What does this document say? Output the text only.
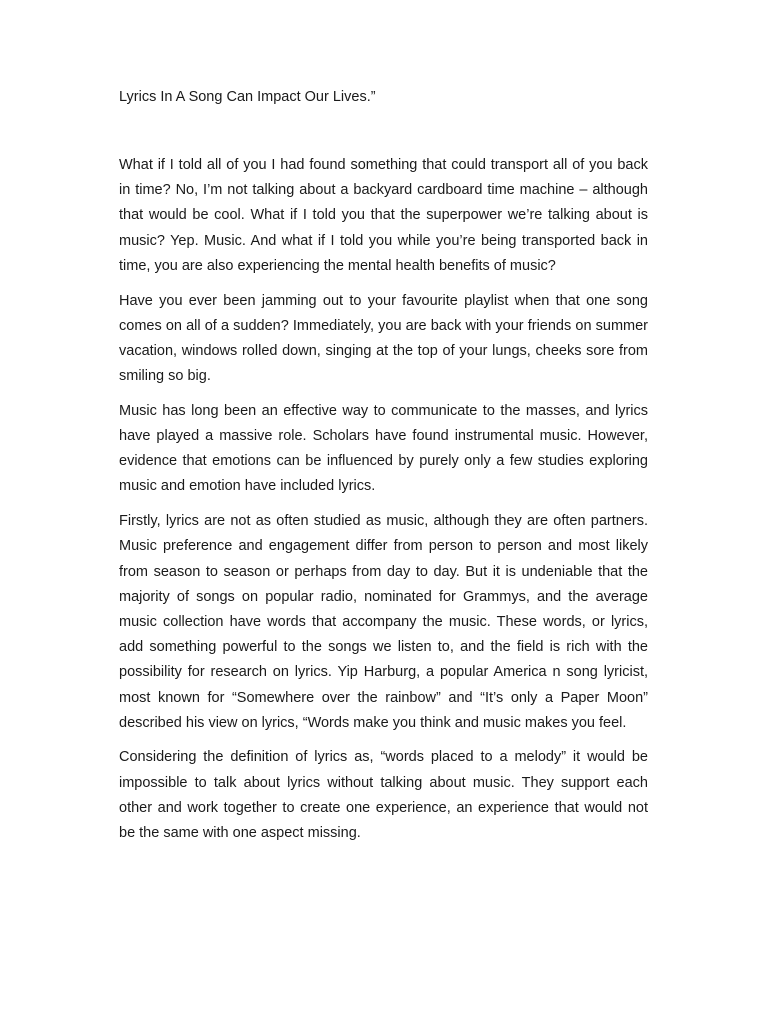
Lyrics In A Song Can Impact Our Lives.”

What if I told all of you I had found something that could transport all of you back in time? No, I’m not talking about a backyard cardboard time machine – although that would be cool. What if I told you that the superpower we’re talking about is music? Yep. Music. And what if I told you while you’re being transported back in time, you are also experiencing the mental health benefits of music?

Have you ever been jamming out to your favourite playlist when that one song comes on all of a sudden? Immediately, you are back with your friends on summer vacation, windows rolled down, singing at the top of your lungs, cheeks sore from smiling so big.

Music has long been an effective way to communicate to the masses, and lyrics have played a massive role. Scholars have found instrumental music. However, evidence that emotions can be influenced by purely only a few studies exploring music and emotion have included lyrics.

Firstly, lyrics are not as often studied as music, although they are often partners. Music preference and engagement differ from person to person and most likely from season to season or perhaps from day to day. But it is undeniable that the majority of songs on popular radio, nominated for Grammys, and the average music collection have words that accompany the music. These words, or lyrics, add something powerful to the songs we listen to, and the field is rich with the possibility for research on lyrics. Yip Harburg, a popular America n song lyricist, most known for “Somewhere over the rainbow” and “It’s only a Paper Moon” described his view on lyrics, “Words make you think and music makes you feel.

Considering the definition of lyrics as, “words placed to a melody” it would be impossible to talk about lyrics without talking about music. They support each other and work together to create one experience, an experience that would not be the same with one aspect missing.
